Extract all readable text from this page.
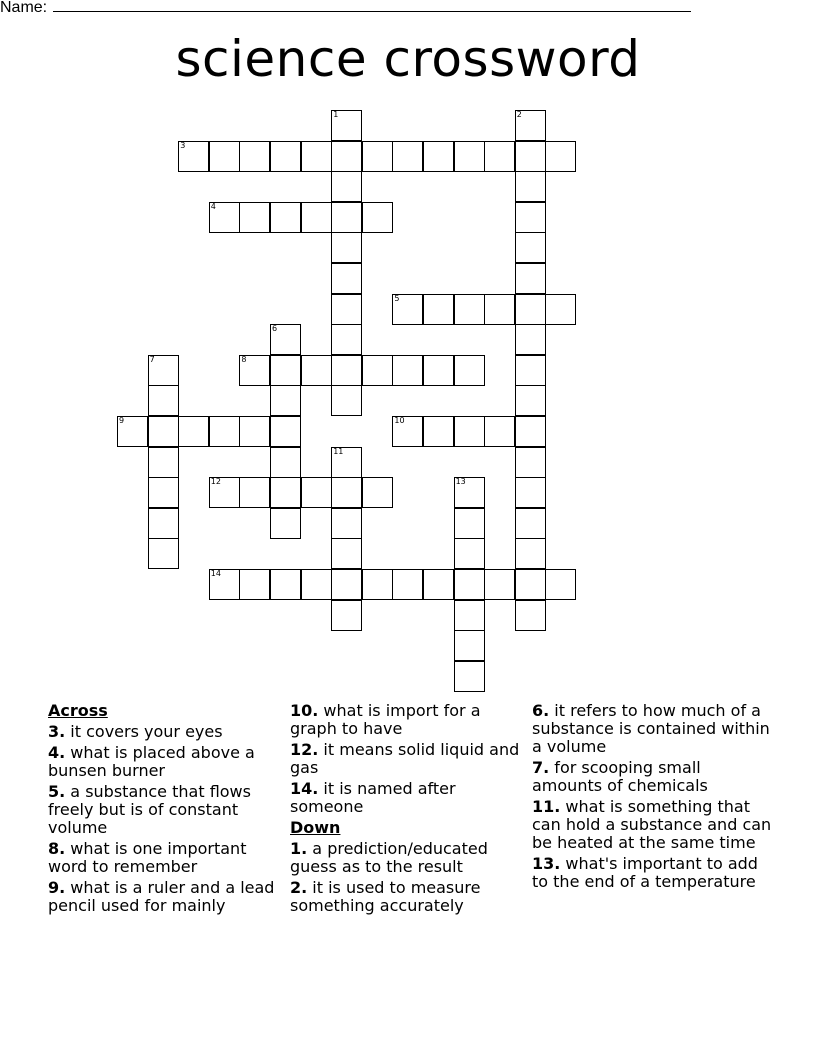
Name:
science crossword
1	2
3
4
5
6
7	8
9	10
11
12	13
14
Across
3. it covers your eyes
4. what is placed above a bunsen burner
5. a substance that flows freely but is of constant volume
8. what is one important word to remember
9. what is a ruler and a lead pencil used for mainly
10. what is import for a graph to have
12. it means solid liquid and gas
14. it is named after someone
Down
1. a prediction/educated guess as to the result
2. it is used to measure something accurately
6. it refers to how much of a substance is contained within a volume
7. for scooping small amounts of chemicals
11. what is something that can hold a substance and can be heated at the same time
13. what's important to add to the end of a temperature
